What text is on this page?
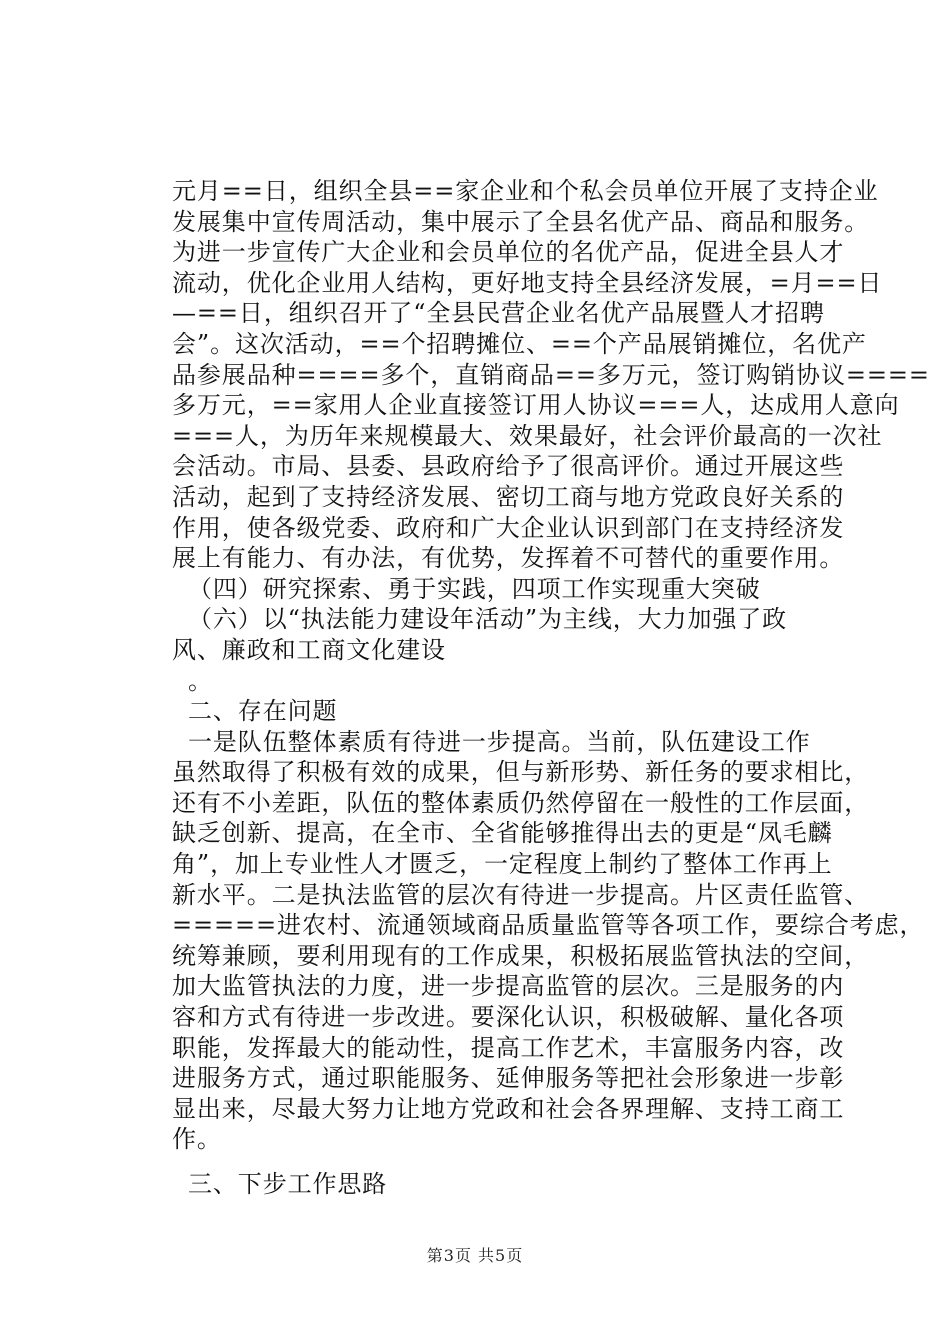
元月==日，组织全县==家企业和个私会员单位开展了支持企业
发展集中宣传周活动，集中展示了全县名优产品、商品和服务。
为进一步宣传广大企业和会员单位的名优产品，促进全县人才
流动，优化企业用人结构，更好地支持全县经济发展，=月==日
—==日，组织召开了“全县民营企业名优产品展暨人才招聘
会”。这次活动，==个招聘摊位、==个产品展销摊位，名优产
品参展品种====多个，直销商品==多万元，签订购销协议====
多万元，==家用人企业直接签订用人协议===人，达成用人意向
===人，为历年来规模最大、效果最好，社会评价最高的一次社
会活动。市局、县委、县政府给予了很高评价。通过开展这些
活动，起到了支持经济发展、密切工商与地方党政良好关系的
作用，使各级党委、政府和广大企业认识到部门在支持经济发
展上有能力、有办法，有优势，发挥着不可替代的重要作用。
（四）研究探索、勇于实践，四项工作实现重大突破
（六）以“执法能力建设年活动”为主线，大力加强了政
风、廉政和工商文化建设
。
二、存在问题
一是队伍整体素质有待进一步提高。当前，队伍建设工作
虽然取得了积极有效的成果，但与新形势、新任务的要求相比，
还有不小差距，队伍的整体素质仍然停留在一般性的工作层面，
缺乏创新、提高，在全市、全省能够推得出去的更是“凤毛麟
角”，加上专业性人才匮乏，一定程度上制约了整体工作再上
新水平。二是执法监管的层次有待进一步提高。片区责任监管、
=====进农村、流通领域商品质量监管等各项工作，要综合考虑，
统筹兼顾，要利用现有的工作成果，积极拓展监管执法的空间，
加大监管执法的力度，进一步提高监管的层次。三是服务的内
容和方式有待进一步改进。要深化认识，积极破解、量化各项
职能，发挥最大的能动性，提高工作艺术，丰富服务内容，改
进服务方式，通过职能服务、延伸服务等把社会形象进一步彰
显出来，尽最大努力让地方党政和社会各界理解、支持工商工
作。
三、下步工作思路
第3页 共5页
